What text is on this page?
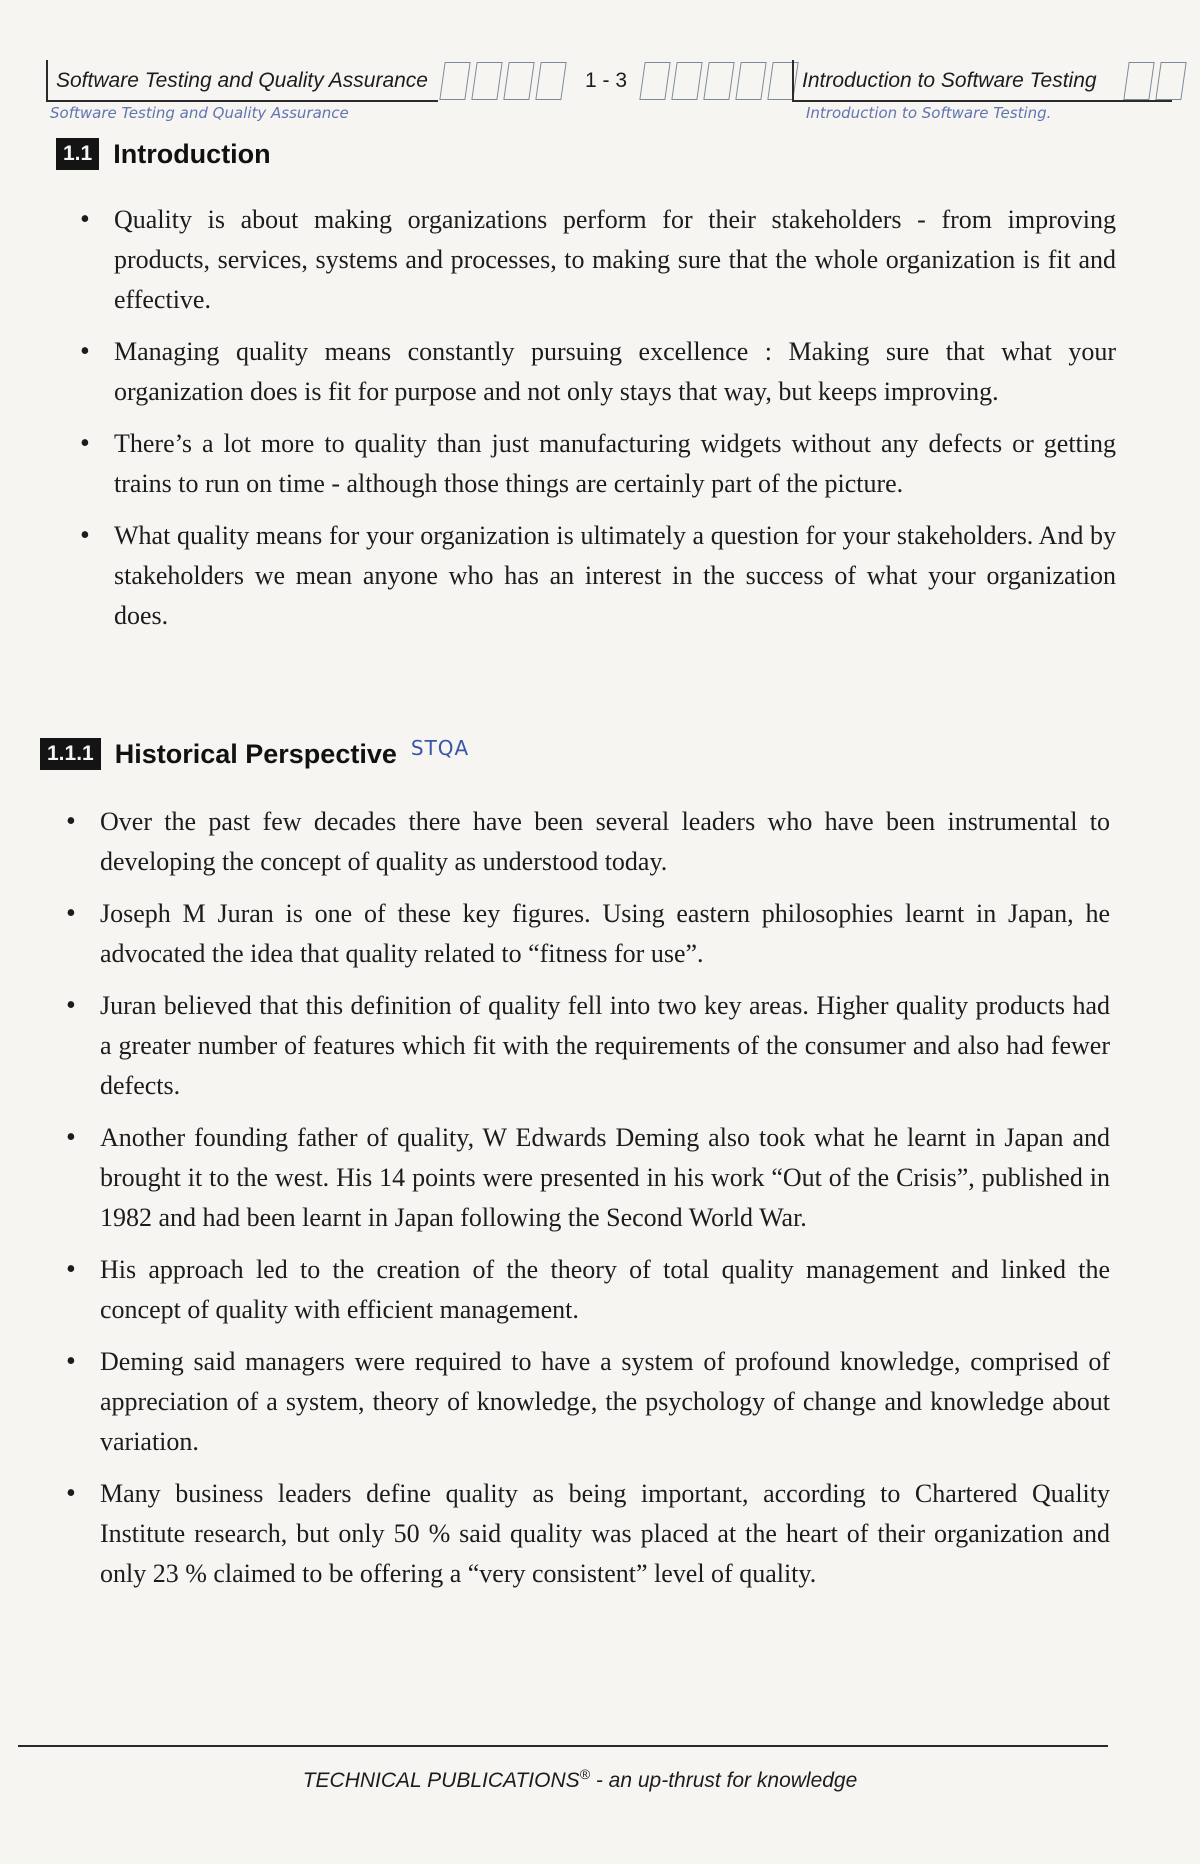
Software Testing and Quality Assurance	1 - 3	Introduction to Software Testing
Software Testing and Quality Assurance	Introduction to Software Testing.
1.1 Introduction
• Quality is about making organizations perform for their stakeholders - from improving products, services, systems and processes, to making sure that the whole organization is fit and effective.
• Managing quality means constantly pursuing excellence : Making sure that what your organization does is fit for purpose and not only stays that way, but keeps improving.
• There’s a lot more to quality than just manufacturing widgets without any defects or getting trains to run on time - although those things are certainly part of the picture.
• What quality means for your organization is ultimately a question for your stakeholders. And by stakeholders we mean anyone who has an interest in the success of what your organization does.
1.1.1 Historical Perspective STQA
• Over the past few decades there have been several leaders who have been instrumental to developing the concept of quality as understood today.
• Joseph M Juran is one of these key figures. Using eastern philosophies learnt in Japan, he advocated the idea that quality related to “fitness for use”.
• Juran believed that this definition of quality fell into two key areas. Higher quality products had a greater number of features which fit with the requirements of the consumer and also had fewer defects.
• Another founding father of quality, W Edwards Deming also took what he learnt in Japan and brought it to the west. His 14 points were presented in his work “Out of the Crisis”, published in 1982 and had been learnt in Japan following the Second World War.
• His approach led to the creation of the theory of total quality management and linked the concept of quality with efficient management.
• Deming said managers were required to have a system of profound knowledge, comprised of appreciation of a system, theory of knowledge, the psychology of change and knowledge about variation.
• Many business leaders define quality as being important, according to Chartered Quality Institute research, but only 50 % said quality was placed at the heart of their organization and only 23 % claimed to be offering a “very consistent” level of quality.
TECHNICAL PUBLICATIONS® - an up-thrust for knowledge
